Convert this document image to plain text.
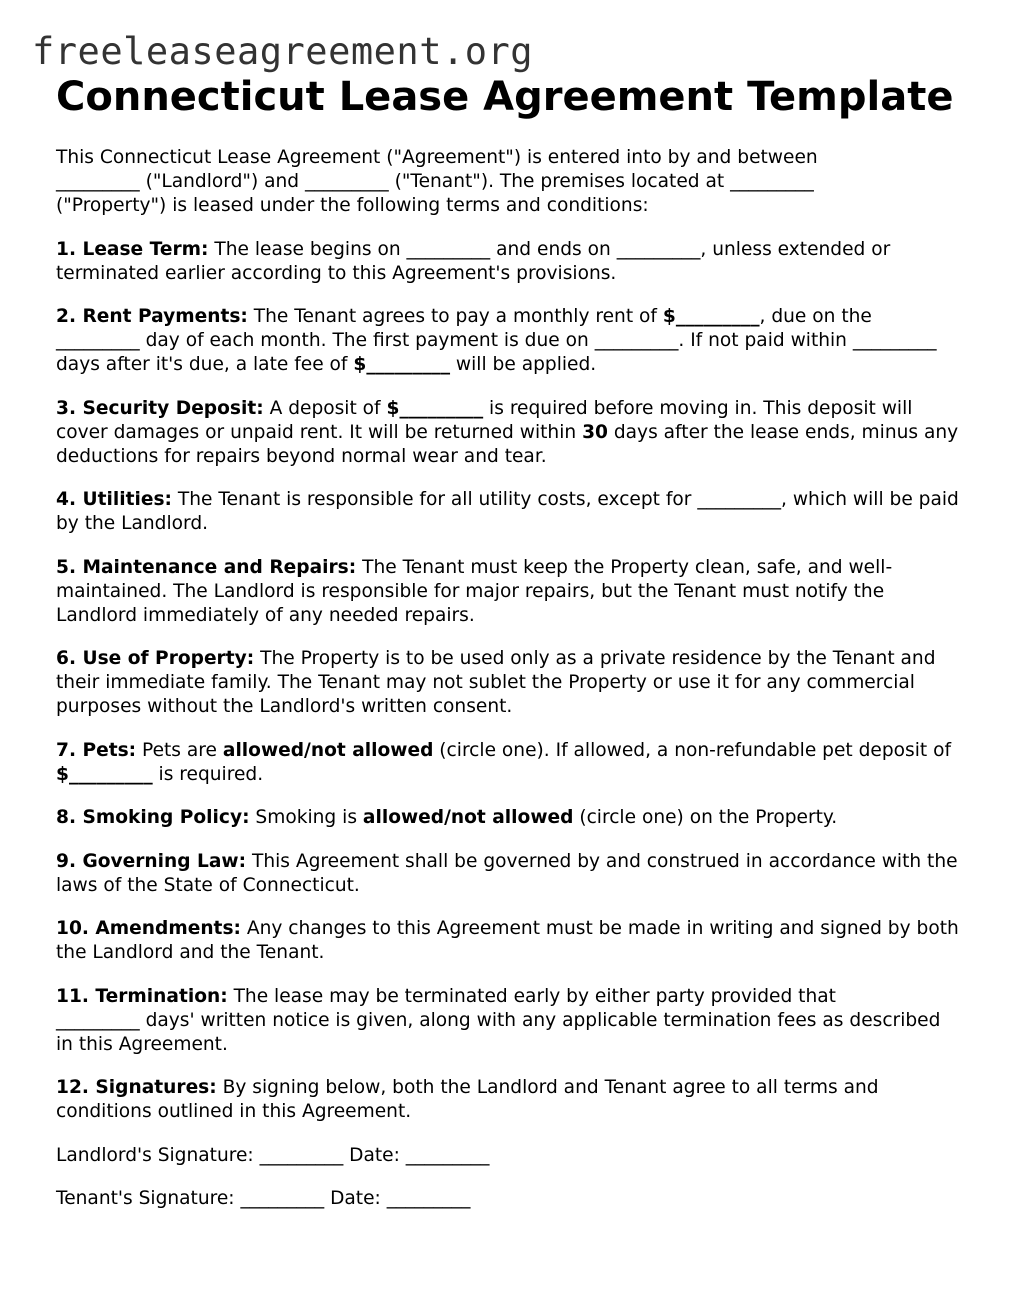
freeleaseagreement.org
Connecticut Lease Agreement Template

This Connecticut Lease Agreement ("Agreement") is entered into by and between
_________ ("Landlord") and _________ ("Tenant"). The premises located at _________
("Property") is leased under the following terms and conditions:

1. Lease Term: The lease begins on _________ and ends on _________, unless extended or terminated earlier according to this Agreement's provisions.

2. Rent Payments: The Tenant agrees to pay a monthly rent of $_________, due on the _________ day of each month. The first payment is due on _________. If not paid within _________ days after it's due, a late fee of $_________ will be applied.

3. Security Deposit: A deposit of $_________ is required before moving in. This deposit will cover damages or unpaid rent. It will be returned within 30 days after the lease ends, minus any deductions for repairs beyond normal wear and tear.

4. Utilities: The Tenant is responsible for all utility costs, except for _________, which will be paid by the Landlord.

5. Maintenance and Repairs: The Tenant must keep the Property clean, safe, and well-maintained. The Landlord is responsible for major repairs, but the Tenant must notify the Landlord immediately of any needed repairs.

6. Use of Property: The Property is to be used only as a private residence by the Tenant and their immediate family. The Tenant may not sublet the Property or use it for any commercial purposes without the Landlord's written consent.

7. Pets: Pets are allowed/not allowed (circle one). If allowed, a non-refundable pet deposit of $_________ is required.

8. Smoking Policy: Smoking is allowed/not allowed (circle one) on the Property.

9. Governing Law: This Agreement shall be governed by and construed in accordance with the laws of the State of Connecticut.

10. Amendments: Any changes to this Agreement must be made in writing and signed by both the Landlord and the Tenant.

11. Termination: The lease may be terminated early by either party provided that
_________ days' written notice is given, along with any applicable termination fees as described in this Agreement.

12. Signatures: By signing below, both the Landlord and Tenant agree to all terms and conditions outlined in this Agreement.

Landlord's Signature: _________ Date: _________
Tenant's Signature: _________ Date: _________
